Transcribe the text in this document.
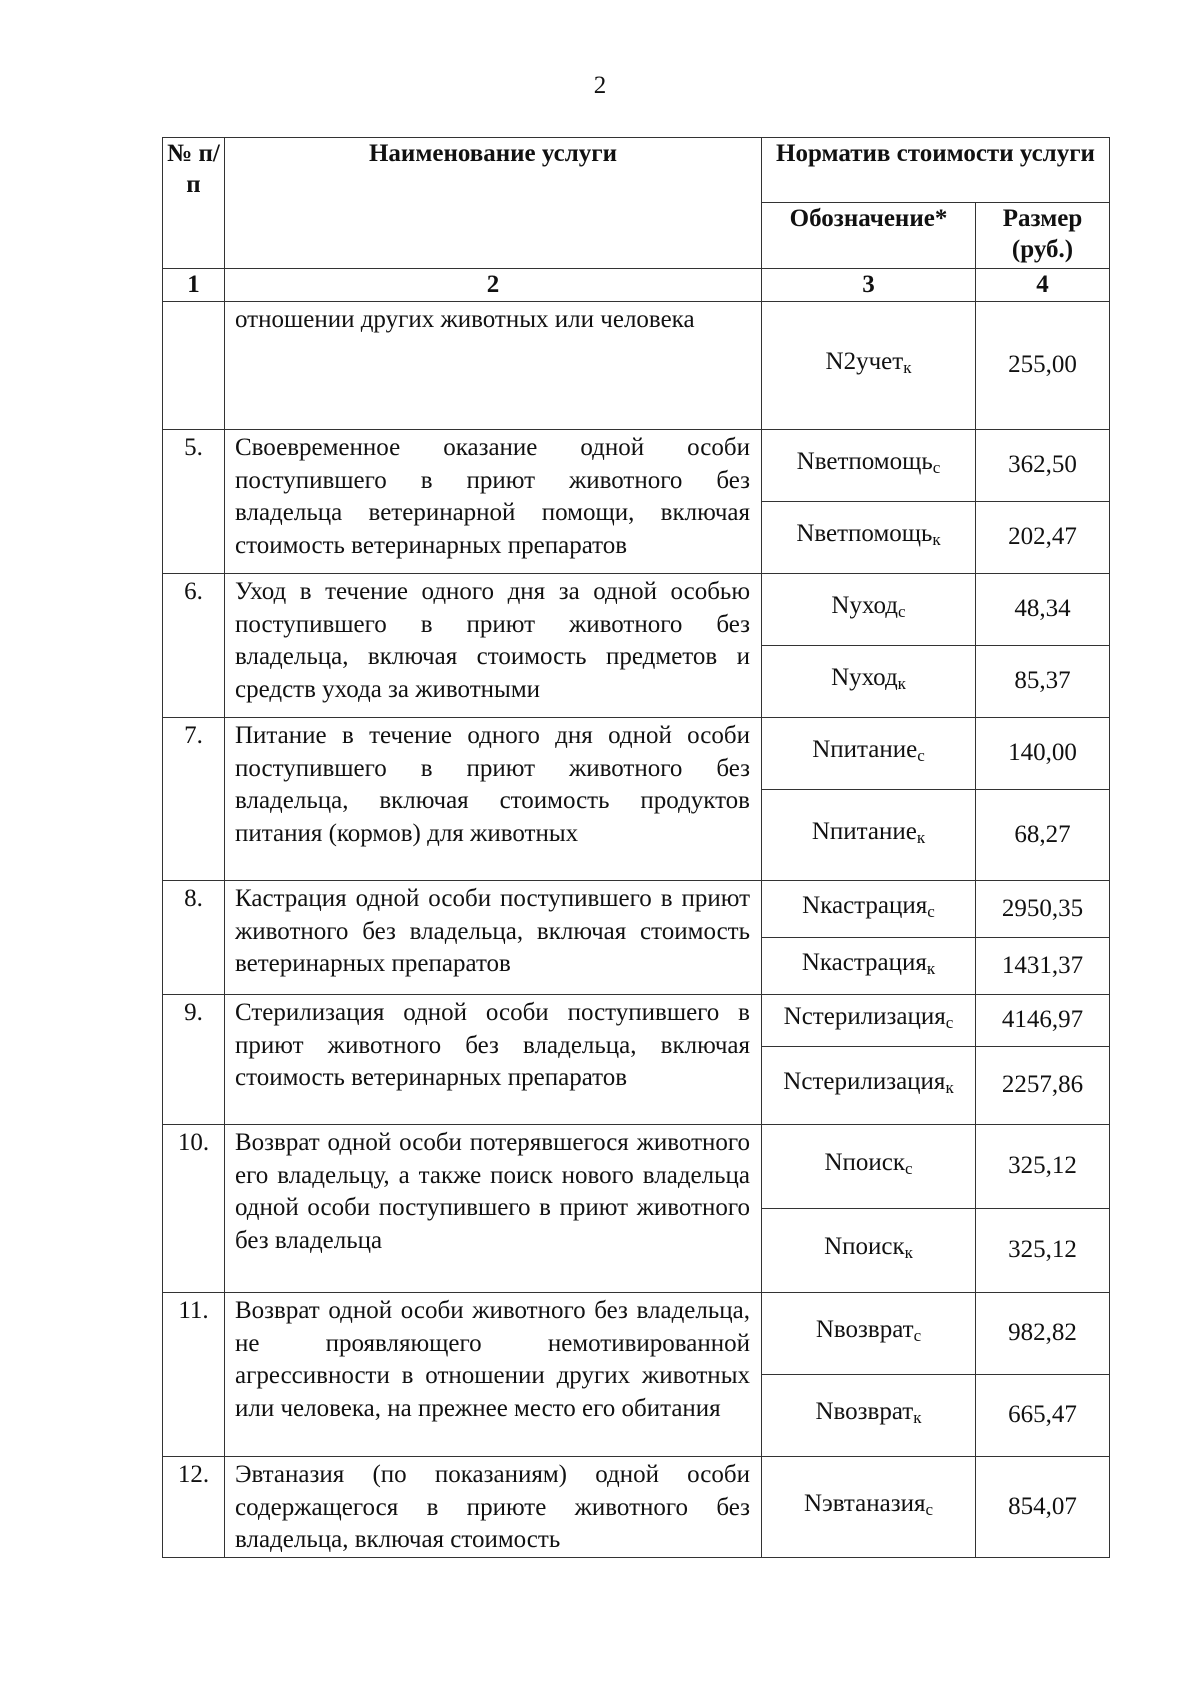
2
№ п/п	Наименование услуги	Норматив стоимости услуги	
		Обозначение*	Размер (руб.)
1	2	3	4
	отношении других животных или человека	N2учет$_к$	255,00
5.	Своевременное оказание одной особи поступившего в приют животного без владельца ветеринарной помощи, включая стоимость ветеринарных препаратов	Nветпомощь$_с$	362,50
		Nветпомощь$_к$	202,47
6.	Уход в течение одного дня за одной особью поступившего в приют животного без владельца, включая стоимость предметов и средств ухода за животными	Nуход$_с$	48,34
		Nуход$_к$	85,37
7.	Питание в течение одного дня одной особи поступившего в приют животного без владельца, включая стоимость продуктов питания (кормов) для животных	Nпитание$_с$	140,00
		Nпитание$_к$	68,27
8.	Кастрация одной особи поступившего в приют животного без владельца, включая стоимость ветеринарных препаратов	Nкастрация$_с$	2950,35
		Nкастрация$_к$	1431,37
9.	Стерилизация одной особи поступившего в приют животного без владельца, включая стоимость ветеринарных препаратов	Nстерилизация$_с$	4146,97
		Nстерилизация$_к$	2257,86
10.	Возврат одной особи потерявшегося животного его владельцу, а также поиск нового владельца одной особи поступившего в приют животного без владельца	Nпоиск$_с$	325,12
		Nпоиск$_к$	325,12
11.	Возврат одной особи животного без владельца, не проявляющего немотивированной агрессивности в отношении других животных или человека, на прежнее место его обитания	Nвозврат$_с$	982,82
		Nвозврат$_к$	665,47
12.	Эвтаназия (по показаниям) одной особи содержащегося в приюте животного без владельца, включая стоимость	Nэвтаназия$_с$	854,07
